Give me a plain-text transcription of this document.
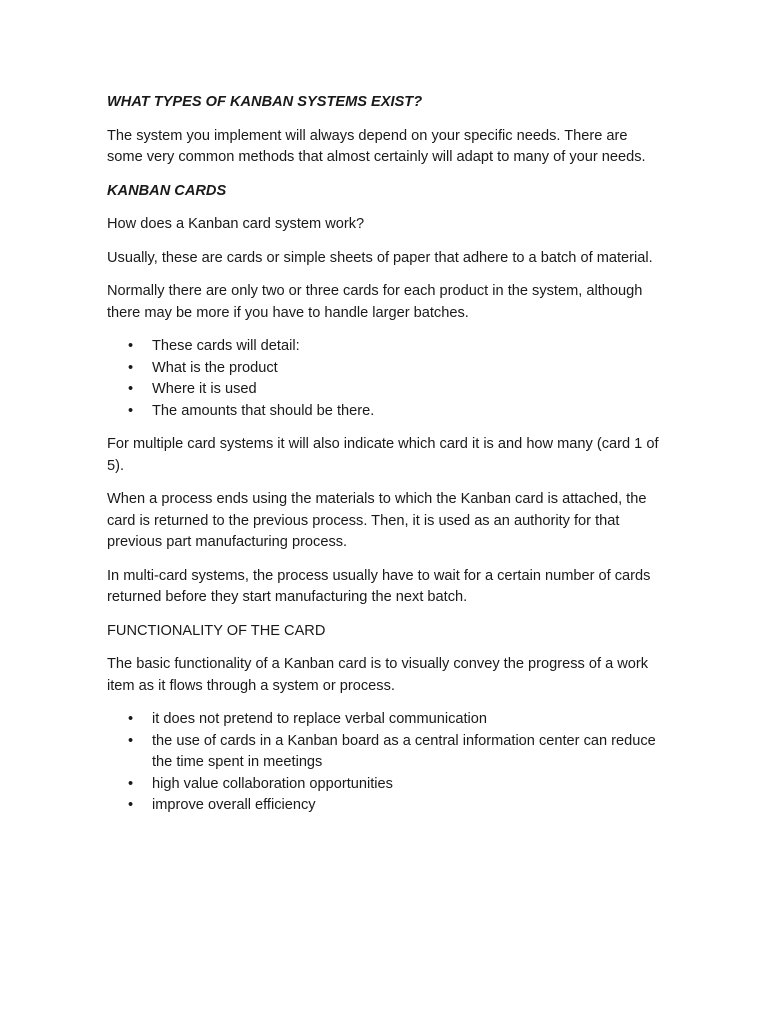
WHAT TYPES OF KANBAN SYSTEMS EXIST?
The system you implement will always depend on your specific needs. There are some very common methods that almost certainly will adapt to many of your needs.
KANBAN CARDS
How does a Kanban card system work?
Usually, these are cards or simple sheets of paper that adhere to a batch of material.
Normally there are only two or three cards for each product in the system, although there may be more if you have to handle larger batches.
• These cards will detail:
• What is the product
• Where it is used
• The amounts that should be there.
For multiple card systems it will also indicate which card it is and how many (card 1 of 5).
When a process ends using the materials to which the Kanban card is attached, the card is returned to the previous process. Then, it is used as an authority for that previous part manufacturing process.
In multi-card systems, the process usually have to wait for a certain number of cards returned before they start manufacturing the next batch.
FUNCTIONALITY OF THE CARD
The basic functionality of a Kanban card is to visually convey the progress of a work item as it flows through a system or process.
• it does not pretend to replace verbal communication
• the use of cards in a Kanban board as a central information center can reduce the time spent in meetings
• high value collaboration opportunities
• improve overall efficiency
